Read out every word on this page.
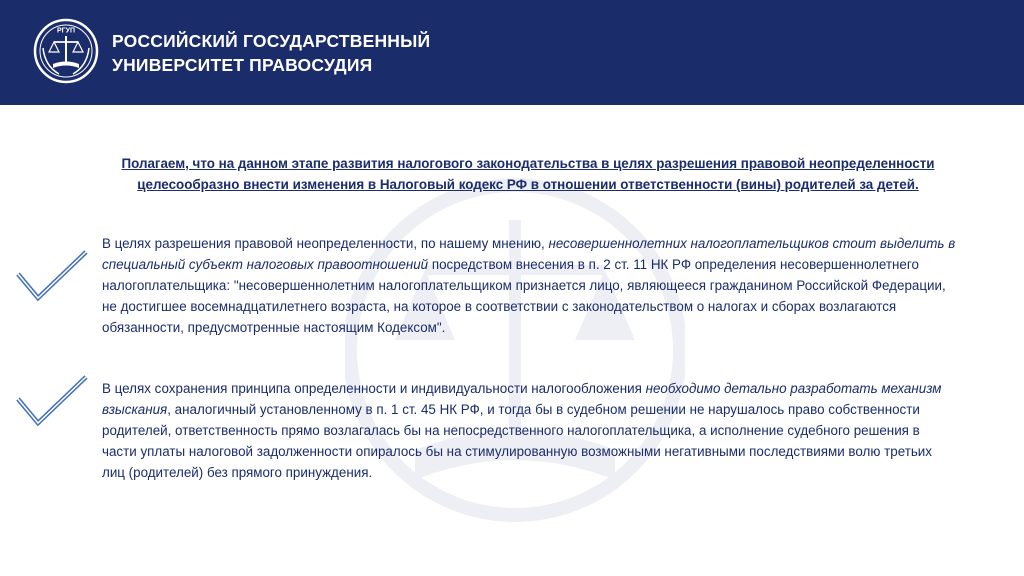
РГУП РОССИЙСКИЙ ГОСУДАРСТВЕННЫЙ
УНИВЕРСИТЕТ ПРАВОСУДИЯ
Полагаем, что на данном этапе развития налогового законодательства в целях разрешения правовой неопределенности целесообразно внести изменения в Налоговый кодекс РФ в отношении ответственности (вины) родителей за детей.
В целях разрешения правовой неопределенности, по нашему мнению, несовершеннолетних налогоплательщиков стоит выделить в специальный субъект налоговых правоотношений посредством внесения в п. 2 ст. 11 НК РФ определения несовершеннолетнего налогоплательщика: "несовершеннолетним налогоплательщиком признается лицо, являющееся гражданином Российской Федерации, не достигшее восемнадцатилетнего возраста, на которое в соответствии с законодательством о налогах и сборах возлагаются обязанности, предусмотренные настоящим Кодексом".
В целях сохранения принципа определенности и индивидуальности налогообложения необходимо детально разработать механизм взыскания, аналогичный установленному в п. 1 ст. 45 НК РФ, и тогда бы в судебном решении не нарушалось право собственности родителей, ответственность прямо возлагалась бы на непосредственного налогоплательщика, а исполнение судебного решения в части уплаты налоговой задолженности опиралось бы на стимулированную возможными негативными последствиями волю третьих лиц (родителей) без прямого принуждения.
